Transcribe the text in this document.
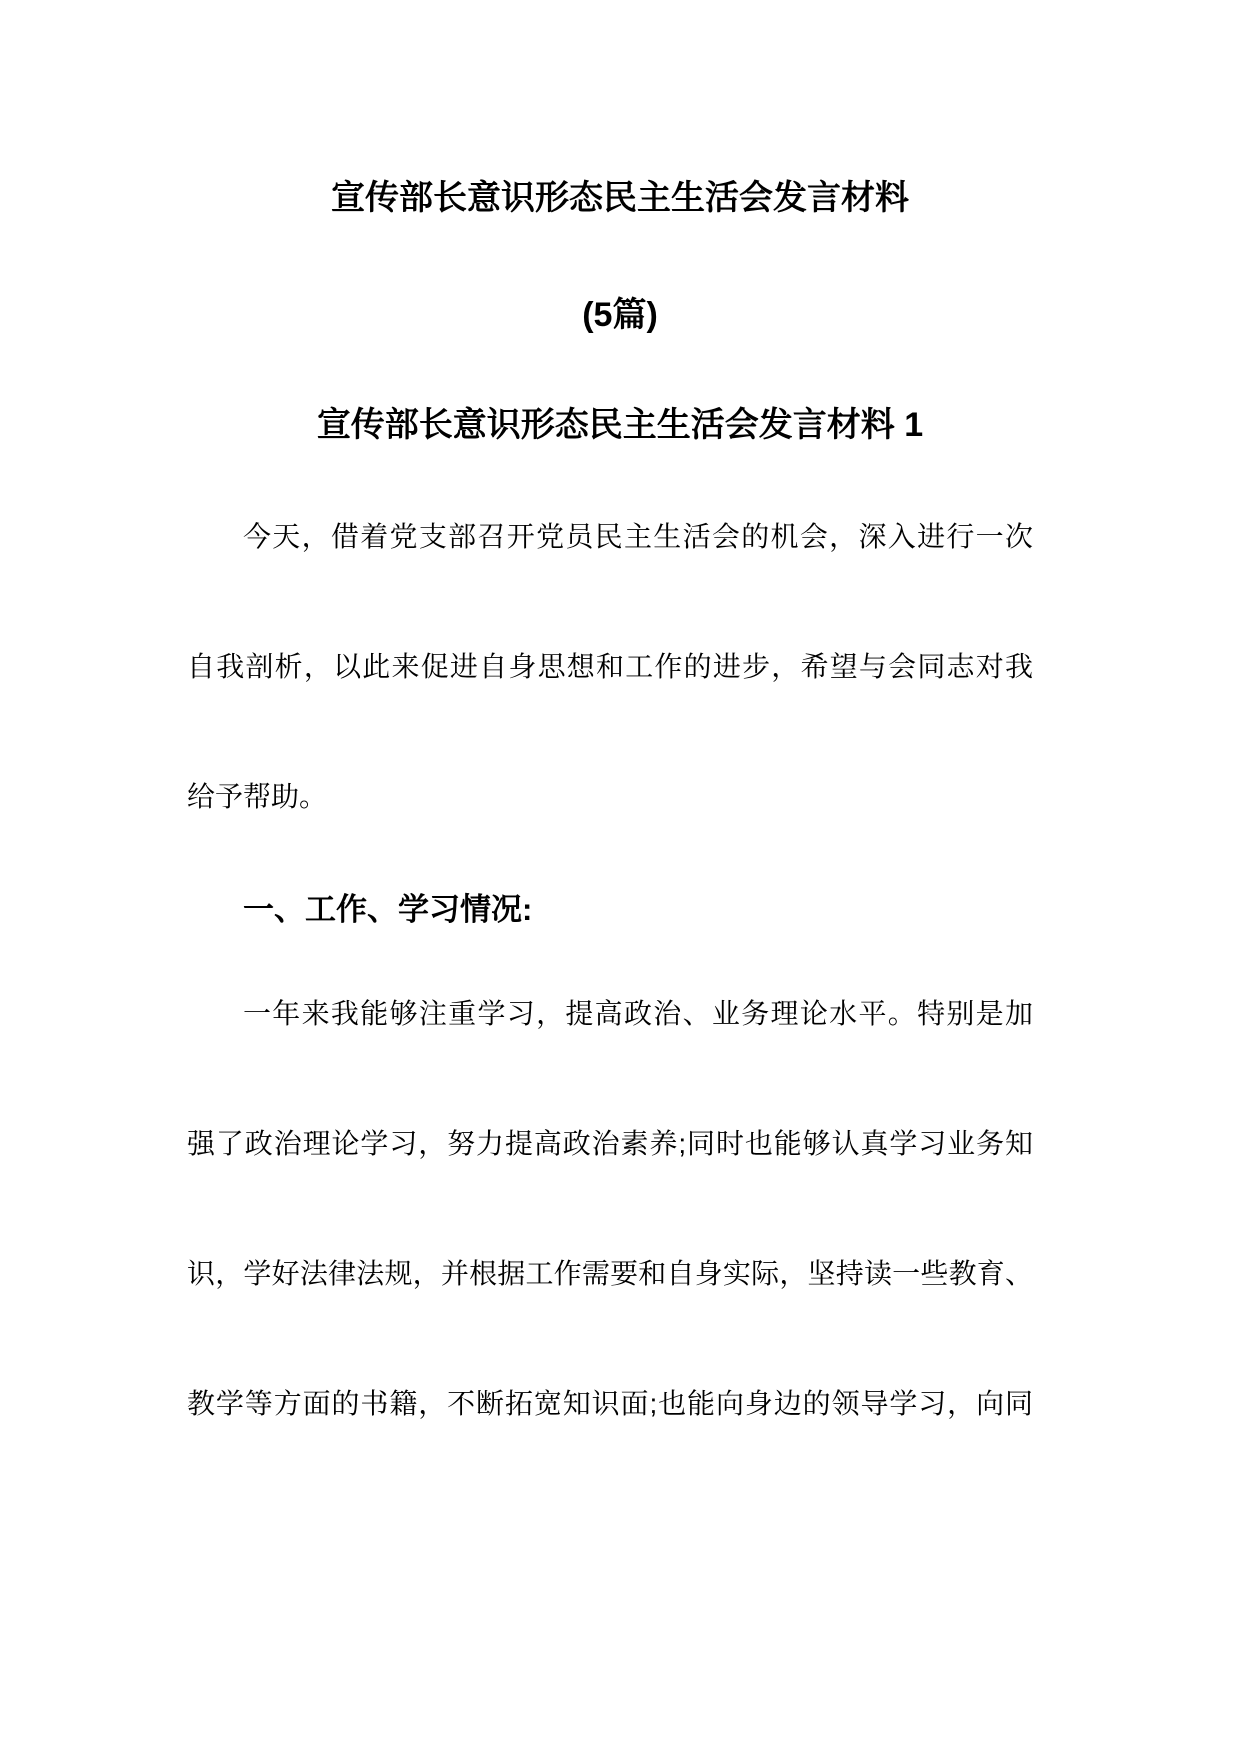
宣传部长意识形态民主生活会发言材料
(5篇)
宣传部长意识形态民主生活会发言材料 1
今天，借着党支部召开党员民主生活会的机会，深入进行一次
自我剖析，以此来促进自身思想和工作的进步，希望与会同志对我
给予帮助。
一、工作、学习情况:
一年来我能够注重学习，提高政治、业务理论水平。特别是加
强了政治理论学习，努力提高政治素养;同时也能够认真学习业务知
识，学好法律法规，并根据工作需要和自身实际，坚持读一些教育、
教学等方面的书籍，不断拓宽知识面;也能向身边的领导学习，向同
